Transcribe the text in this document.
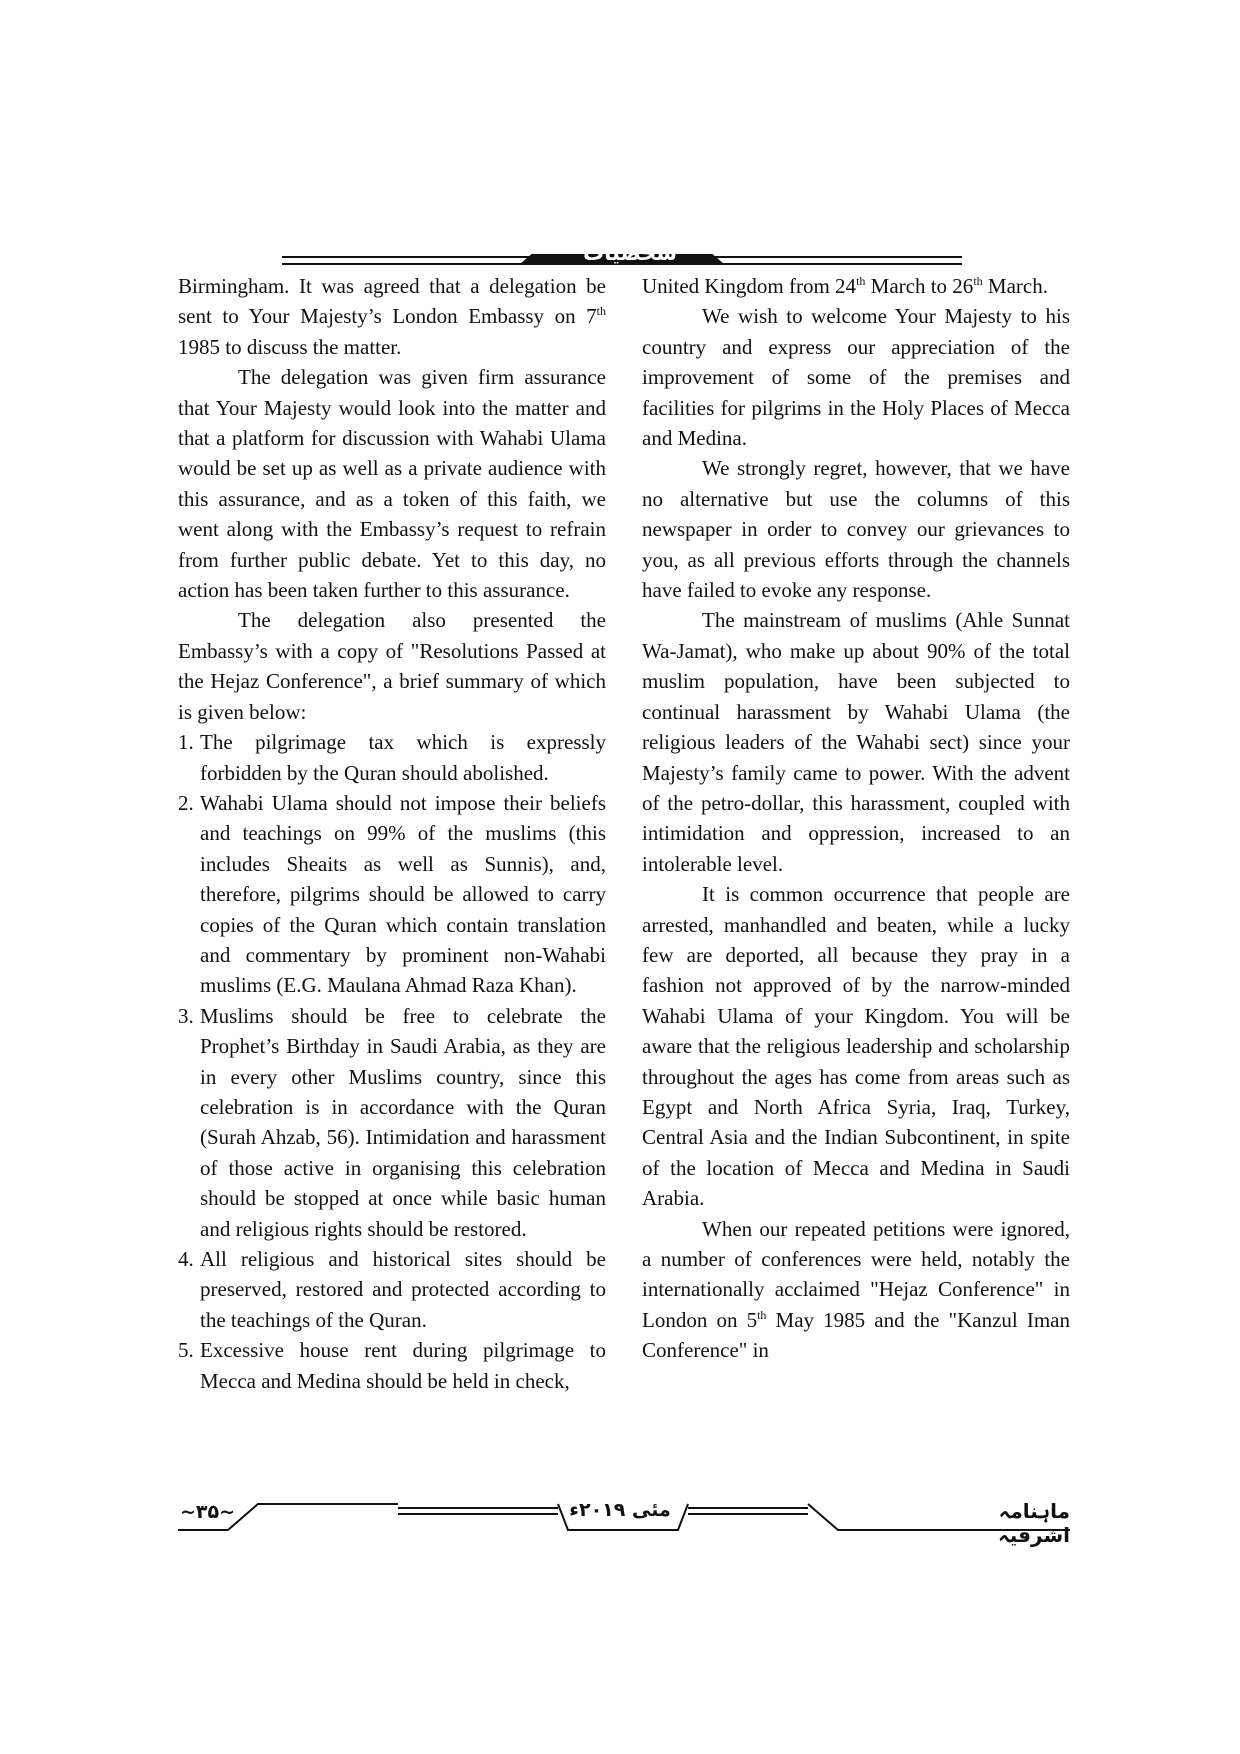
شخصیات

Birmingham. It was agreed that a delegation be sent to Your Majesty’s London Embassy on 7th 1985 to discuss the matter.

The delegation was given firm assurance that Your Majesty would look into the matter and that a platform for discussion with Wahabi Ulama would be set up as well as a private audience with this assurance, and as a token of this faith, we went along with the Embassy’s request to refrain from further public debate. Yet to this day, no action has been taken further to this assurance.

The delegation also presented the Embassy’s with a copy of "Resolutions Passed at the Hejaz Conference", a brief summary of which is given below:

1. The pilgrimage tax which is expressly forbidden by the Quran should abolished.
2. Wahabi Ulama should not impose their beliefs and teachings on 99% of the muslims (this includes Sheaits as well as Sunnis), and, therefore, pilgrims should be allowed to carry copies of the Quran which contain translation and commentary by prominent non-Wahabi muslims (E.G. Maulana Ahmad Raza Khan).
3. Muslims should be free to celebrate the Prophet’s Birthday in Saudi Arabia, as they are in every other Muslims country, since this celebration is in accordance with the Quran (Surah Ahzab, 56). Intimidation and harassment of those active in organising this celebration should be stopped at once while basic human and religious rights should be restored.
4. All religious and historical sites should be preserved, restored and protected according to the teachings of the Quran.
5. Excessive house rent during pilgrimage to Mecca and Medina should be held in check,

United Kingdom from 24th March to 26th March.

We wish to welcome Your Majesty to his country and express our appreciation of the improvement of some of the premises and facilities for pilgrims in the Holy Places of Mecca and Medina.

We strongly regret, however, that we have no alternative but use the columns of this newspaper in order to convey our grievances to you, as all previous efforts through the channels have failed to evoke any response.

The mainstream of muslims (Ahle Sunnat Wa-Jamat), who make up about 90% of the total muslim population, have been subjected to continual harassment by Wahabi Ulama (the religious leaders of the Wahabi sect) since your Majesty’s family came to power. With the advent of the petro-dollar, this harassment, coupled with intimidation and oppression, increased to an intolerable level.

It is common occurrence that people are arrested, manhandled and beaten, while a lucky few are deported, all because they pray in a fashion not approved of by the narrow-minded Wahabi Ulama of your Kingdom. You will be aware that the religious leadership and scholarship throughout the ages has come from areas such as Egypt and North Africa Syria, Iraq, Turkey, Central Asia and the Indian Subcontinent, in spite of the location of Mecca and Medina in Saudi Arabia.

When our repeated petitions were ignored, a number of conferences were held, notably the internationally acclaimed "Hejaz Conference" in London on 5th May 1985 and the "Kanzul Iman Conference" in

~۳۵~	مئی ۲۰۱۹ء	ماہنامہ اشرفیہ
